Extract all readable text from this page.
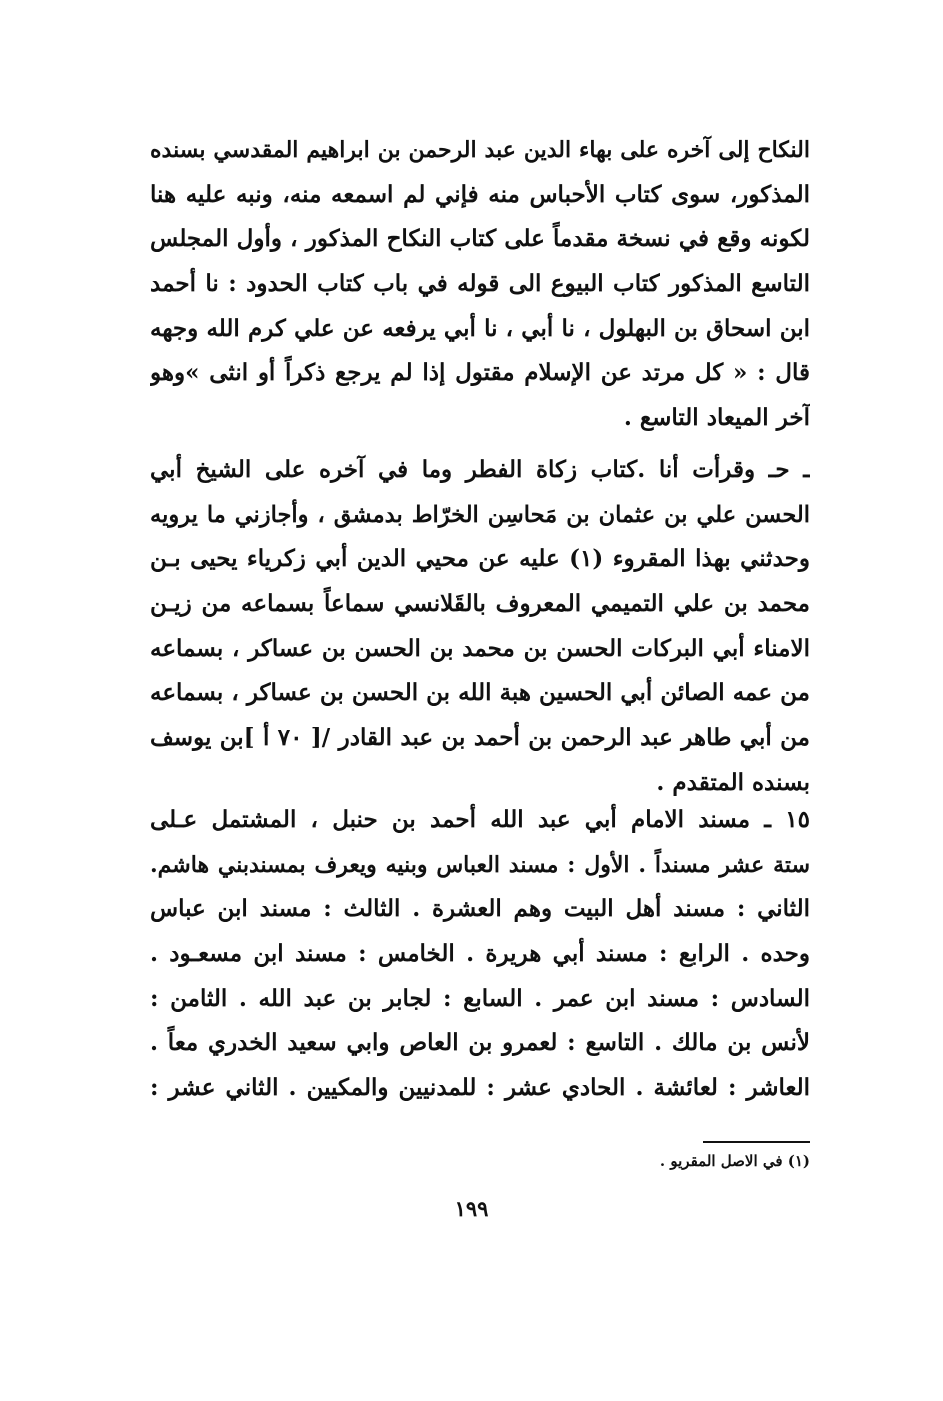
النكاح إلى آخره على بهاء الدين عبد الرحمن بن ابراهيم المقدسي بسنده
المذكور، سوى كتاب الأحباس منه فإني لم اسمعه منه، ونبه عليه هنا
لكونه وقع في نسخة مقدماً على كتاب النكاح المذكور ، وأول المجلس
التاسع المذكور كتاب البيوع الى قوله في باب كتاب الحدود : نا أحمد
ابن اسحاق بن البهلول ، نا أبي ، نا أبي يرفعه عن علي كرم الله وجهه
قال : « كل مرتد عن الإسلام مقتول إذا لم يرجع ذكراً أو انثى »وهو
آخر الميعاد التاسع .
ـ حـ وقرأت أنا .كتاب زكاة الفطر وما في آخره على الشيخ أبي
الحسن علي بن عثمان بن مَحاسِن الخرّاط بدمشق ، وأجازني ما يرويه
وحدثني بهذا المقروء (١) عليه عن محيي الدين أبي زكرياء يحيى بـن
محمد بن علي التميمي المعروف بالقَلانسي سماعاً بسماعه من زيـن
الامناء أبي البركات الحسن بن محمد بن الحسن بن عساكر ، بسماعه
من عمه الصائن أبي الحسين هبة الله بن الحسن بن عساكر ، بسماعه
من أبي طاهر عبد الرحمن بن أحمد بن عبد القادر /[ ٧٠ أ ]بن يوسف
بسنده المتقدم .
١٥ ـ مسند الامام أبي عبد الله أحمد بن حنبل ، المشتمل عـلى
ستة عشر مسنداً . الأول : مسند العباس وبنيه ويعرف بمسندبني هاشم.
الثاني : مسند أهل البيت وهم العشرة . الثالث : مسند ابن عباس
وحده . الرابع : مسند أبي هريرة . الخامس : مسند ابن مسعـود .
السادس : مسند ابن عمر . السابع : لجابر بن عبد الله . الثامن :
لأنس بن مالك . التاسع : لعمرو بن العاص وابي سعيد الخدري معاً .
العاشر : لعائشة . الحادي عشر : للمدنيين والمكيين . الثاني عشر :
(١) في الاصل المقريو .
١٩٩
